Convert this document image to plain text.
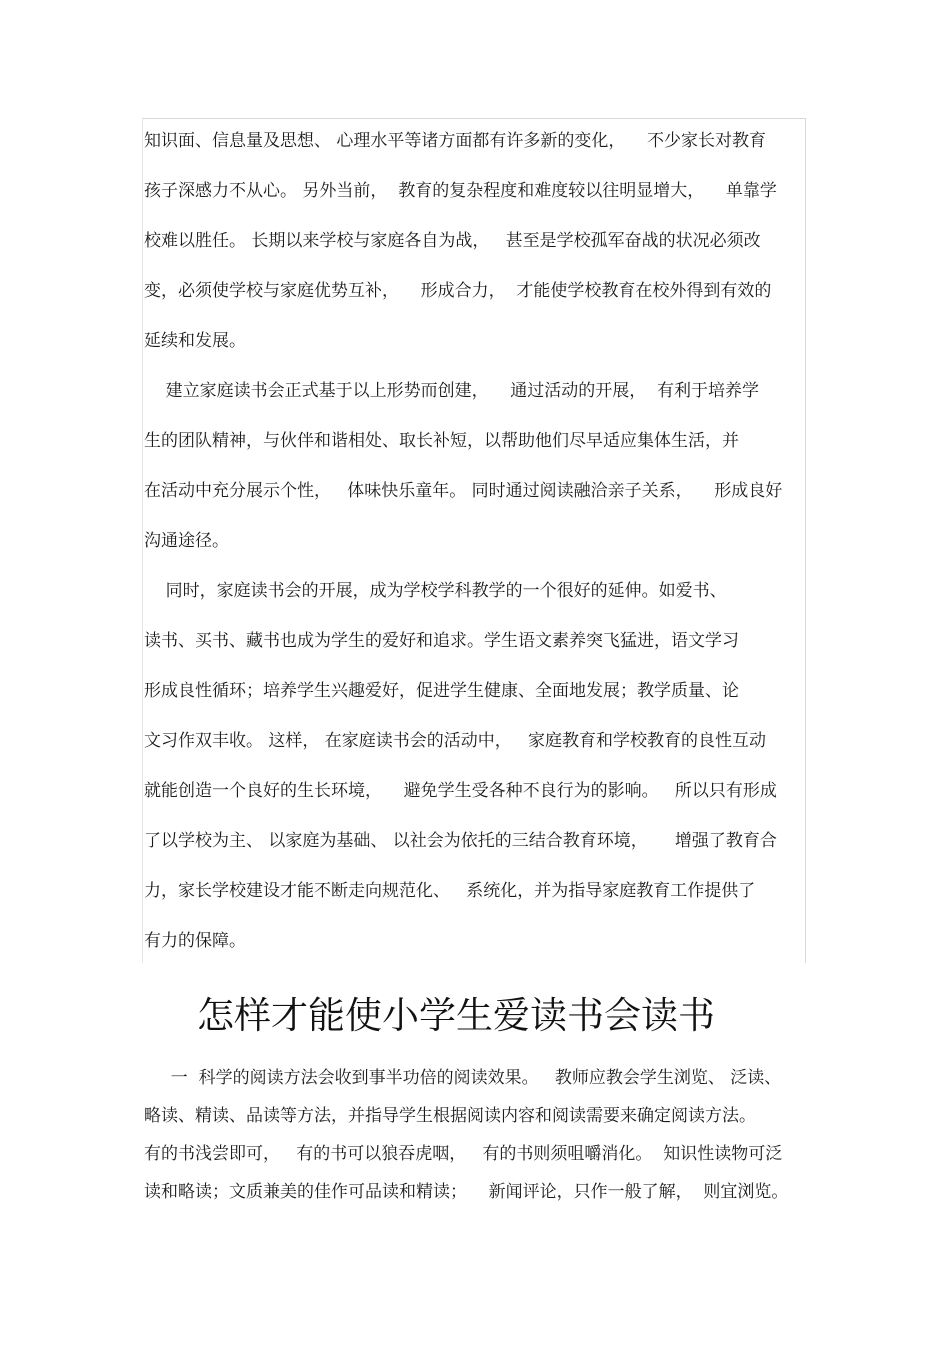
知识面、信息量及思想、 心理水平等诸方面都有许多新的变化，    不少家长对教育
孩子深感力不从心。 另外当前，  教育的复杂程度和难度较以往明显增大，    单靠学
校难以胜任。 长期以来学校与家庭各自为战，   甚至是学校孤军奋战的状况必须改
变，必须使学校与家庭优势互补，    形成合力，  才能使学校教育在校外得到有效的
延续和发展。
建立家庭读书会正式基于以上形势而创建，    通过活动的开展，  有利于培养学
生的团队精神，与伙伴和谐相处、取长补短，以帮助他们尽早适应集体生活，并
在活动中充分展示个性，   体味快乐童年。 同时通过阅读融洽亲子关系，    形成良好
沟通途径。
同时，家庭读书会的开展，成为学校学科教学的一个很好的延伸。如爱书、
读书、买书、藏书也成为学生的爱好和追求。学生语文素养突飞猛进，语文学习
形成良性循环；培养学生兴趣爱好，促进学生健康、全面地发展；教学质量、论
文习作双丰收。 这样， 在家庭读书会的活动中，   家庭教育和学校教育的良性互动
就能创造一个良好的生长环境，    避免学生受各种不良行为的影响。   所以只有形成
了以学校为主、 以家庭为基础、 以社会为依托的三结合教育环境，     增强了教育合
力，家长学校建设才能不断走向规范化、   系统化，并为指导家庭教育工作提供了
有力的保障。
怎样才能使小学生爱读书会读书
一  科学的阅读方法会收到事半功倍的阅读效果。   教师应教会学生浏览、 泛读、
略读、精读、品读等方法，并指导学生根据阅读内容和阅读需要来确定阅读方法。
有的书浅尝即可，   有的书可以狼吞虎咽，   有的书则须咀嚼消化。  知识性读物可泛
读和略读；文质兼美的佳作可品读和精读；    新闻评论，只作一般了解，  则宜浏览。
